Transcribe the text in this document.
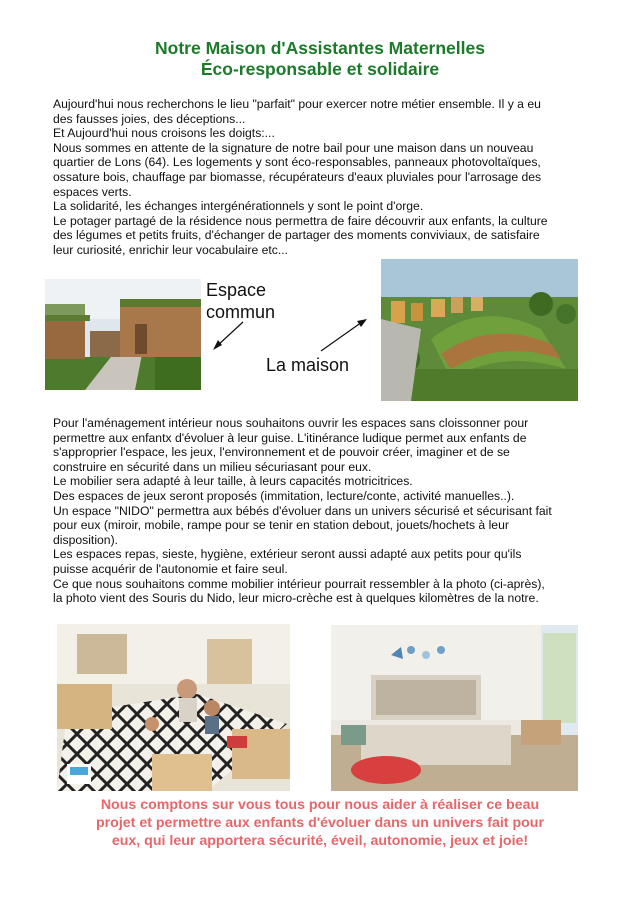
Notre Maison d'Assistantes Maternelles
Éco-responsable et solidaire
Aujourd'hui nous recherchons le lieu "parfait" pour exercer notre métier ensemble. Il y a eu
des fausses joies, des déceptions...
Et Aujourd'hui nous croisons les doigts:...
Nous sommes en attente de la signature de notre bail pour une maison dans un nouveau
quartier de Lons (64). Les logements y sont éco-responsables, panneaux photovoltaïques,
ossature bois, chauffage par biomasse, récupérateurs d'eaux pluviales pour l'arrosage des
espaces verts.
La solidarité, les échanges intergénérationnels y sont le point d'orge.
Le potager partagé de la résidence nous permettra de faire découvrir aux enfants, la culture
des légumes et petits fruits, d'échanger de partager des moments conviviaux, de satisfaire
leur curiosité, enrichir leur vocabulaire etc...
Espace
commun
La maison
Pour l'aménagement intérieur nous souhaitons ouvrir les espaces sans cloissonner pour
permettre aux enfantx d'évoluer à leur guise. L'itinérance ludique permet aux enfants de
s'approprier l'espace, les jeux, l'environnement et de pouvoir créer, imaginer et de se
construire en sécurité dans un milieu sécuriasant pour eux.
Le mobilier sera adapté à leur taille, à leurs capacités motricitrices.
Des espaces de jeux seront proposés (immitation, lecture/conte, activité manuelles..).
Un espace "NIDO" permettra aux bébés d'évoluer dans un univers sécurisé et sécurisant fait
pour eux (miroir, mobile, rampe pour se tenir en station debout, jouets/hochets à leur
disposition).
Les espaces repas, sieste, hygiène, extérieur seront aussi adapté aux petits pour qu'ils
puisse acquérir de l'autonomie et faire seul.
Ce que nous souhaitons comme mobilier intérieur pourrait ressembler à la photo (ci-après),
la photo vient des Souris du Nido, leur micro-crèche est à quelques kilomètres de la notre.
Nous comptons sur vous tous pour nous aider à réaliser ce beau
projet et permettre aux enfants d'évoluer dans un univers fait pour
eux, qui leur apportera sécurité, éveil, autonomie, jeux et joie!
